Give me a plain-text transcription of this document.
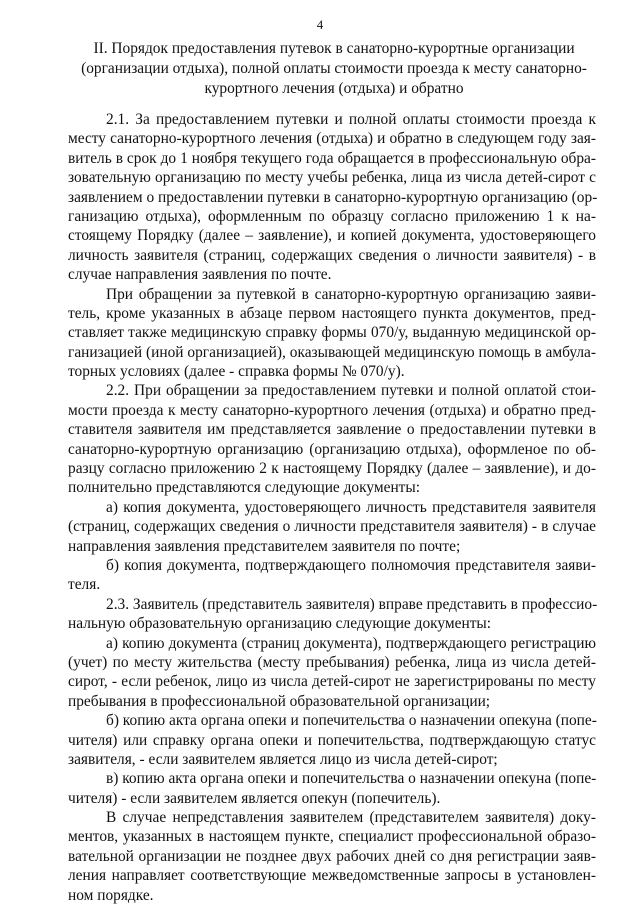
4
II. Порядок предоставления путевок в санаторно-курортные организации
(организации отдыха), полной оплаты стоимости проезда к месту санаторно-
курортного лечения (отдыха) и обратно
2.1. За предоставлением путевки и полной оплаты стоимости проезда к
месту санаторно-курортного лечения (отдыха) и обратно в следующем году зая-
витель в срок до 1 ноября текущего года обращается в профессиональную обра-
зовательную организацию по месту учебы ребенка, лица из числа детей-сирот с
заявлением о предоставлении путевки в санаторно-курортную организацию (ор-
ганизацию отдыха), оформленным по образцу согласно приложению 1 к на-
стоящему Порядку (далее – заявление), и копией документа, удостоверяющего
личность заявителя (страниц, содержащих сведения о личности заявителя) - в
случае направления заявления по почте.
При обращении за путевкой в санаторно-курортную организацию заяви-
тель, кроме указанных в абзаце первом настоящего пункта документов, пред-
ставляет также медицинскую справку формы 070/у, выданную медицинской ор-
ганизацией (иной организацией), оказывающей медицинскую помощь в амбула-
торных условиях (далее - справка формы № 070/у).
2.2. При обращении за предоставлением путевки и полной оплатой стои-
мости проезда к месту санаторно-курортного лечения (отдыха) и обратно пред-
ставителя заявителя им представляется заявление о предоставлении путевки в
санаторно-курортную организацию (организацию отдыха), оформленое по об-
разцу согласно приложению 2 к настоящему Порядку (далее – заявление), и до-
полнительно представляются следующие документы:
а) копия документа, удостоверяющего личность представителя заявителя
(страниц, содержащих сведения о личности представителя заявителя) - в случае
направления заявления представителем заявителя по почте;
б) копия документа, подтверждающего полномочия представителя заяви-
теля.
2.3. Заявитель (представитель заявителя) вправе представить в профессио-
нальную образовательную организацию следующие документы:
а) копию документа (страниц документа), подтверждающего регистрацию
(учет) по месту жительства (месту пребывания) ребенка, лица из числа детей-
сирот, - если ребенок, лицо из числа детей-сирот не зарегистрированы по месту
пребывания в профессиональной образовательной организации;
б) копию акта органа опеки и попечительства о назначении опекуна (попе-
чителя) или справку органа опеки и попечительства, подтверждающую статус
заявителя, - если заявителем является лицо из числа детей-сирот;
в) копию акта органа опеки и попечительства о назначении опекуна (попе-
чителя) - если заявителем является опекун (попечитель).
В случае непредставления заявителем (представителем заявителя) доку-
ментов, указанных в настоящем пункте, специалист профессиональной образо-
вательной организации не позднее двух рабочих дней со дня регистрации заяв-
ления направляет соответствующие межведомственные запросы в установлен-
ном порядке.
